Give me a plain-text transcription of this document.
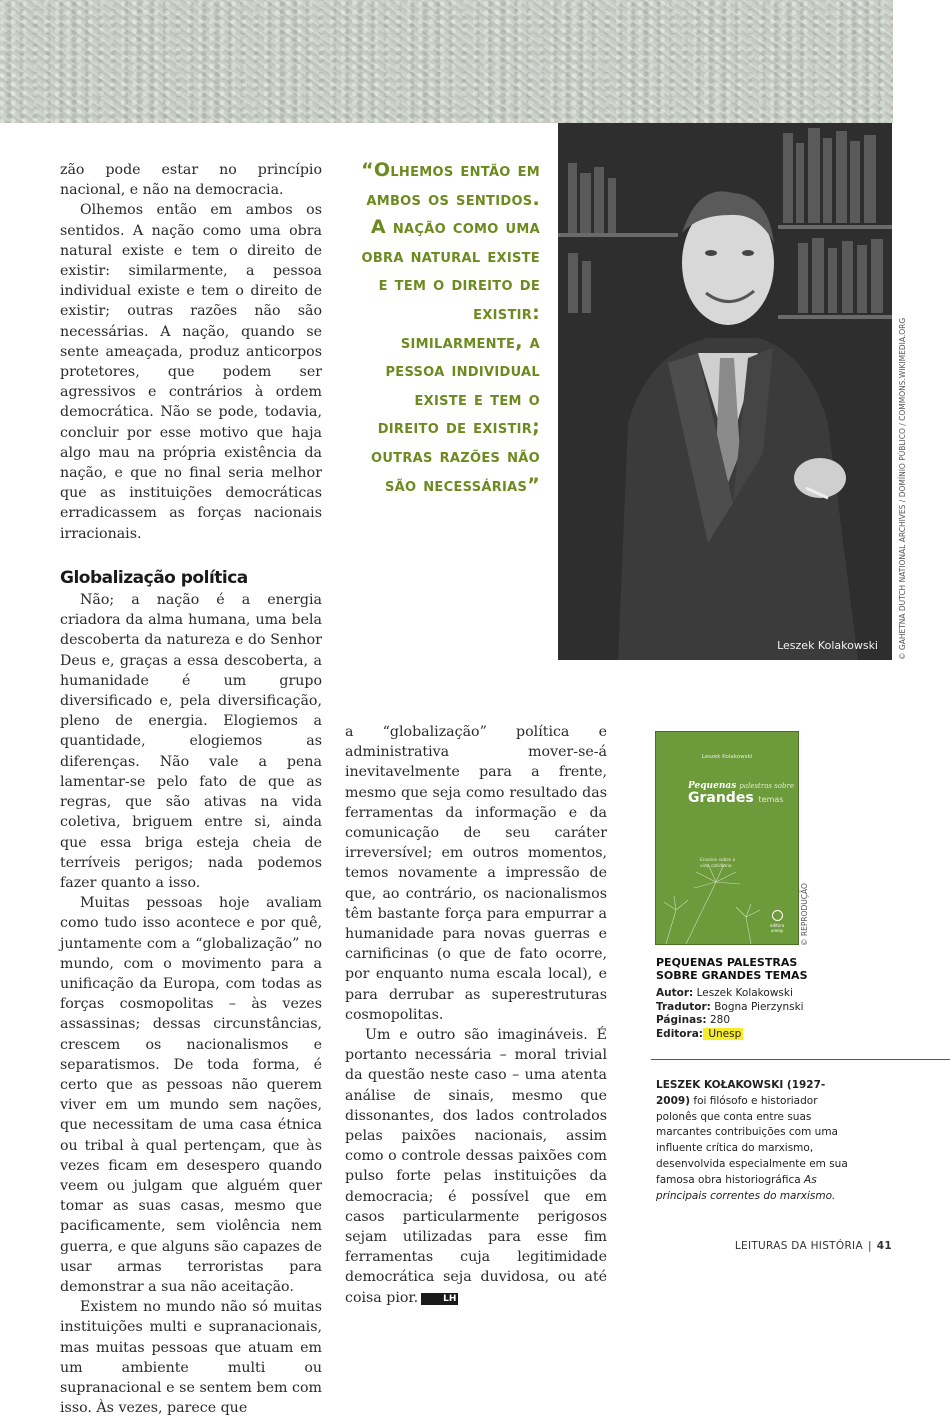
zão pode estar no princípio nacional, e não na democracia.

Olhemos então em ambos os sentidos. A nação como uma obra natural existe e tem o direito de existir: similarmente, a pessoa individual existe e tem o direito de existir; outras razões não são necessárias. A nação, quando se sente ameaçada, produz anticorpos protetores, que podem ser agressivos e contrários à ordem democrática. Não se pode, todavia, concluir por esse motivo que haja algo mau na própria existência da nação, e que no final seria melhor que as instituições democráticas erradicassem as forças nacionais irracionais.

Globalização política

Não; a nação é a energia criadora da alma humana, uma bela descoberta da natureza e do Senhor Deus e, graças a essa descoberta, a humanidade é um grupo diversificado e, pela diversificação, pleno de energia. Elogiemos a quantidade, elogiemos as diferenças. Não vale a pena lamentar-se pelo fato de que as regras, que são ativas na vida coletiva, briguem entre si, ainda que essa briga esteja cheia de terríveis perigos; nada podemos fazer quanto a isso.

Muitas pessoas hoje avaliam como tudo isso acontece e por quê, juntamente com a “globalização” no mundo, com o movimento para a unificação da Europa, com todas as forças cosmopolitas – às vezes assassinas; dessas circunstâncias, crescem os nacionalismos e separatismos. De toda forma, é certo que as pessoas não querem viver em um mundo sem nações, que necessitam de uma casa étnica ou tribal à qual pertençam, que às vezes ficam em desespero quando veem ou julgam que alguém quer tomar as suas casas, mesmo que pacificamente, sem violência nem guerra, e que alguns são capazes de usar armas terroristas para demonstrar a sua não aceitação.

Existem no mundo não só muitas instituições multi e supranacionais, mas muitas pessoas que atuam em um ambiente multi ou supranacional e se sentem bem com isso. Às vezes, parece que

“Olhemos então em ambos os sentidos. A nação como uma obra natural existe e tem o direito de existir: similarmente, a pessoa individual existe e tem o direito de existir; outras razões não são necessárias”
Leszek Kolakowski	© GAHETNA DUTCH NATIONAL ARCHIVES / DOMÍNIO PÚBLICO / COMMONS.WIKIMEDIA.ORG

a “globalização” política e administrativa mover-se-á inevitavelmente para a frente, mesmo que seja como resultado das ferramentas da informação e da comunicação de seu caráter irreversível; em outros momentos, temos novamente a impressão de que, ao contrário, os nacionalismos têm bastante força para empurrar a humanidade para novas guerras e carnificinas (o que de fato ocorre, por enquanto numa escala local), e para derrubar as superestruturas cosmopolitas.

Um e outro são imagináveis. É portanto necessária – moral trivial da questão neste caso – uma atenta análise de sinais, mesmo que dissonantes, dos lados controlados pelas paixões nacionais, assim como o controle dessas paixões com pulso forte pelas instituições da democracia; é possível que em casos particularmente perigosos sejam utilizadas para esse fim ferramentas cuja legitimidade democrática seja duvidosa, ou até coisa pior.	LH

Leszek Kolakowski
Pequenas palestras sobre
Grandes temas
Ensaios sobre a vida cotidiana
editora unesp © REPRODUÇÃO
PEQUENAS PALESTRAS SOBRE GRANDES TEMAS
Autor: Leszek Kolakowski
Tradutor: Bogna Pierzynski
Páginas: 280
Editora: Unesp
LESZEK KOŁAKOWSKI (1927-2009) foi filósofo e historiador polonês que conta entre suas marcantes contribuições com uma influente crítica do marxismo, desenvolvida especialmente em sua famosa obra historiográfica As principais correntes do marxismo.
LEITURAS DA HISTÓRIA | 41
